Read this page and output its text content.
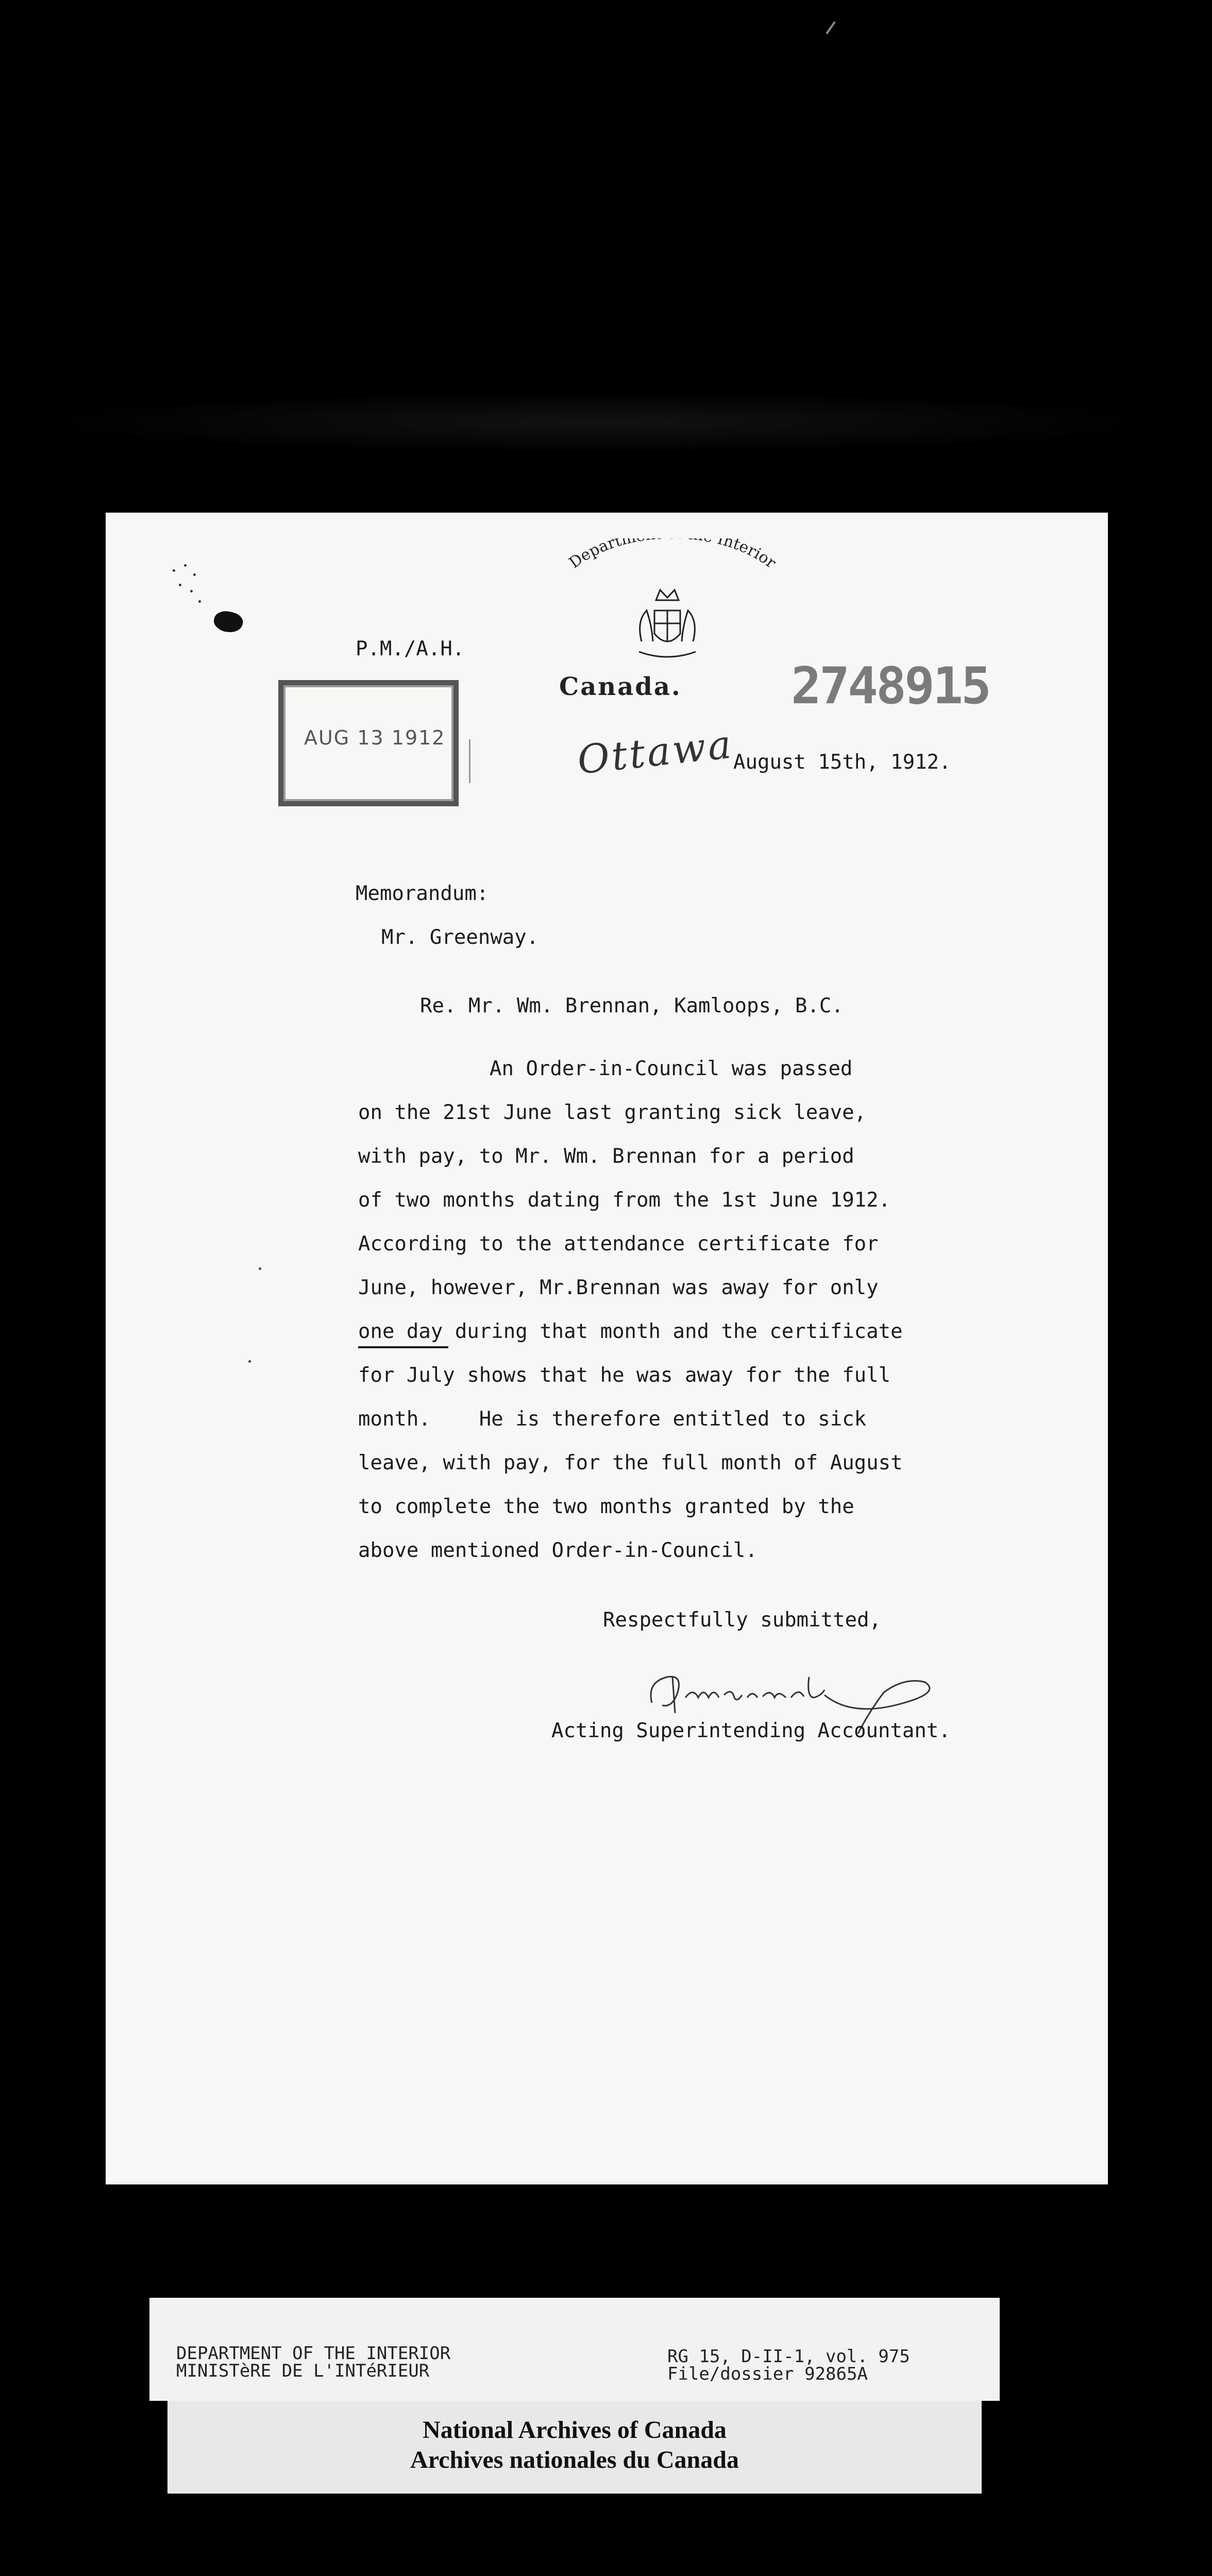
Departm Interior
Canada.
P.M./A.H.
AUG 13 1912
2748915
Ottawa
August 15th, 1912.
Memorandum:
Mr. Greenway.
Re. Mr. Wm. Brennan, Kamloops, B.C.
An Order-in-Council was passed
on the 21st June last granting sick leave,
with pay, to Mr. Wm. Brennan for a period
of two months dating from the 1st June 1912.
According to the attendance certificate for
June, however, Mr.Brennan was away for only
one day during that month and the certificate
for July shows that he was away for the full
month.    He is therefore entitled to sick
leave, with pay, for the full month of August
to complete the two months granted by the
above mentioned Order-in-Council.
Respectfully submitted,
Acting Superintending Accountant.
DEPARTMENT OF THE INTERIOR
MINISTèRE DE L'INTéRIEUR
RG 15, D-II-1, vol. 975
File/dossier 92865A
National Archives of Canada
Archives nationales du Canada
